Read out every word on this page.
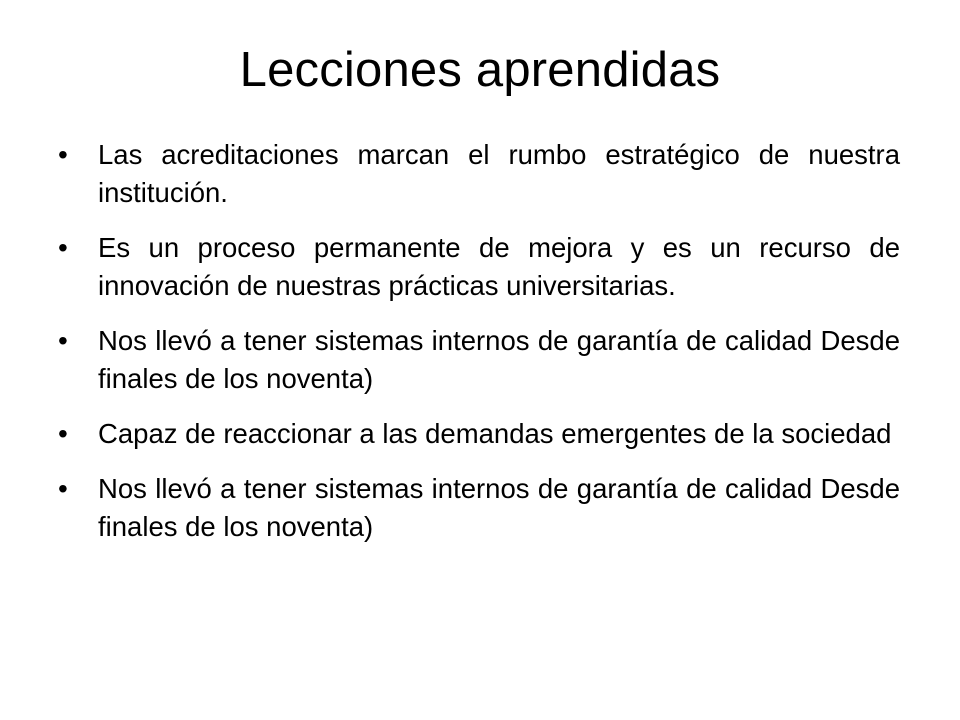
Lecciones aprendidas
• Las acreditaciones marcan el rumbo estratégico de nuestra institución.
• Es un proceso permanente de mejora y es un recurso de innovación de nuestras prácticas universitarias.
• Nos llevó a tener sistemas internos de garantía de calidad Desde finales de los noventa)
• Capaz de reaccionar a las demandas emergentes de la sociedad
• Nos llevó a tener sistemas internos de garantía de calidad Desde finales de los noventa)
